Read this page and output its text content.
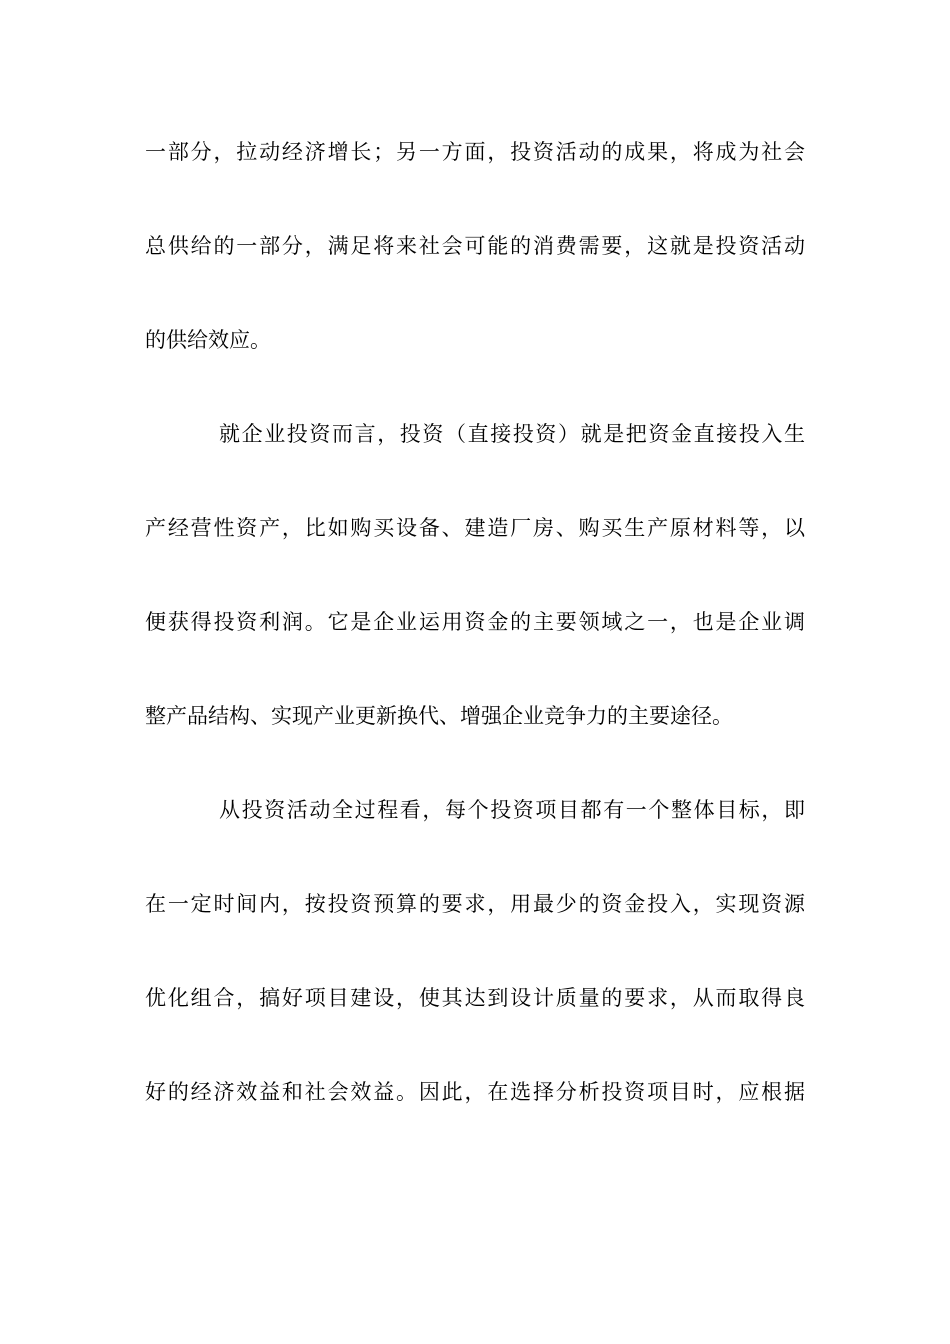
一部分，拉动经济增长；另一方面，投资活动的成果，将成为社会
总供给的一部分，满足将来社会可能的消费需要，这就是投资活动
的供给效应。
就企业投资而言，投资（直接投资）就是把资金直接投入生
产经营性资产，比如购买设备、建造厂房、购买生产原材料等，以
便获得投资利润。它是企业运用资金的主要领域之一，也是企业调
整产品结构、实现产业更新换代、增强企业竞争力的主要途径。
从投资活动全过程看，每个投资项目都有一个整体目标，即
在一定时间内，按投资预算的要求，用最少的资金投入，实现资源
优化组合，搞好项目建设，使其达到设计质量的要求，从而取得良
好的经济效益和社会效益。因此，在选择分析投资项目时，应根据
